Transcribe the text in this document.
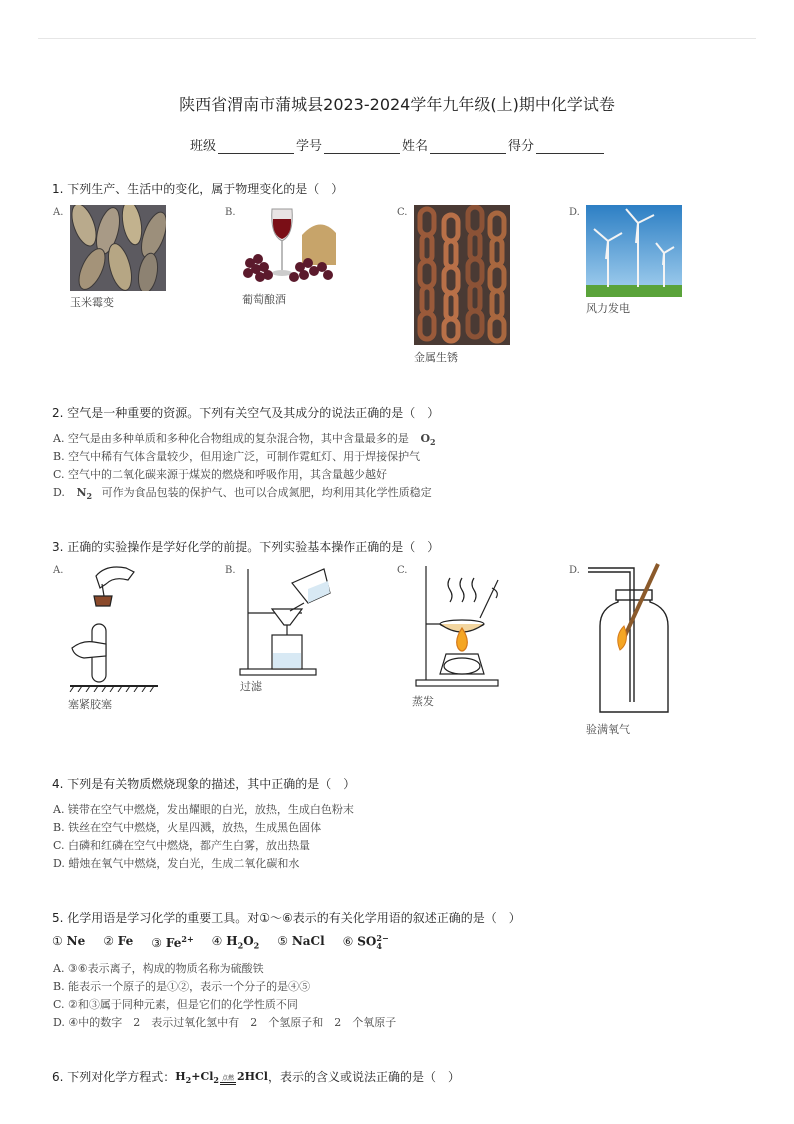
陕西省渭南市蒲城县2023-2024学年九年级(上)期中化学试卷
班级	学号	姓名	得分
1. 下列生产、生活中的变化，属于物理变化的是（　）
A.
玉米霉变
B.
葡萄酿酒
C.
金属生锈
D.
风力发电
2. 空气是一种重要的资源。下列有关空气及其成分的说法正确的是（　）
A. 空气是由多种单质和多种化合物组成的复杂混合物，其中含量最多的是 $O_2$
B. 空气中稀有气体含量较少，但用途广泛，可制作霓虹灯、用于焊接保护气
C. 空气中的二氧化碳来源于煤炭的燃烧和呼吸作用，其含量越少越好
D. $N_2$ 可作为食品包装的保护气、也可以合成氮肥，均利用其化学性质稳定
3. 正确的实验操作是学好化学的前提。下列实验基本操作正确的是（　）
A.
塞紧胶塞
B.
过滤
C.
蒸发
D.
验满氧气
4. 下列是有关物质燃烧现象的描述，其中正确的是（　）
A. 镁带在空气中燃烧，发出耀眼的白光，放热，生成白色粉末
B. 铁丝在空气中燃烧，火星四溅，放热，生成黑色固体
C. 白磷和红磷在空气中燃烧，都产生白雾，放出热量
D. 蜡烛在氧气中燃烧，发白光，生成二氧化碳和水
5. 化学用语是学习化学的重要工具。对①～⑥表示的有关化学用语的叙述正确的是（　）
① Ne ② Fe ③ $Fe^{2+}$ ④ $H_2O_2$ ⑤ NaCl ⑥ SO 2−
4
A. ③⑥表示离子，构成的物质名称为硫酸铁
B. 能表示一个原子的是①②，表示一个分子的是④⑤
C. ②和③属于同种元素，但是它们的化学性质不同
D. ④中的数字　2　表示过氧化氢中有　2　个氢原子和　2　个氧原子
6. 下列对化学方程式： $H_2+Cl_2$ 点燃 2HCl ，表示的含义或说法正确的是（　）
